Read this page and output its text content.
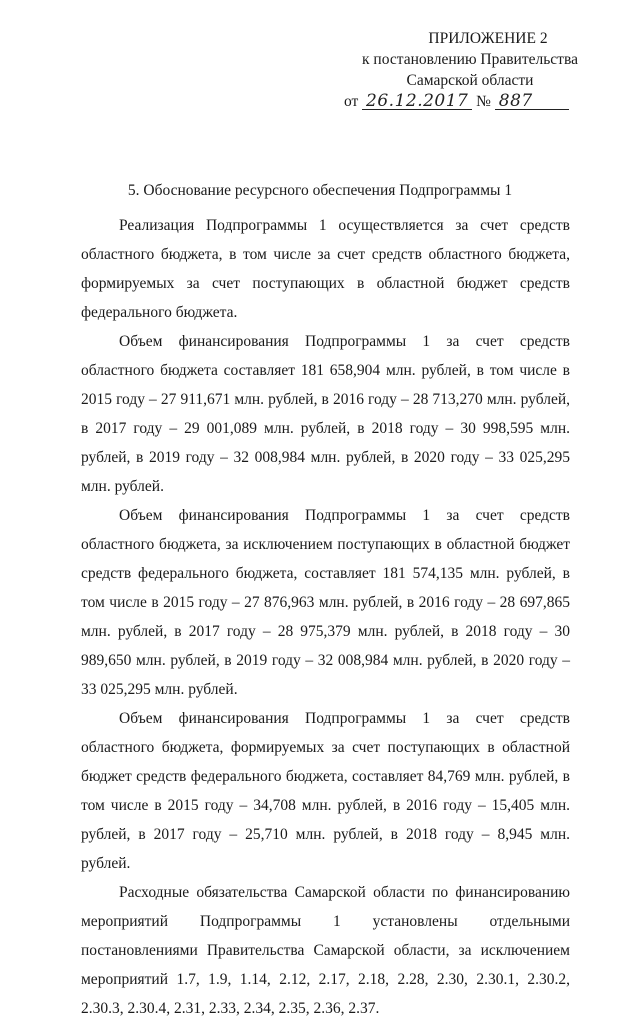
ПРИЛОЖЕНИЕ 2
к постановлению Правительства
Самарской области
от 26.12.2017 № 887
5. Обоснование ресурсного обеспечения Подпрограммы 1

Реализация Подпрограммы 1 осуществляется за счет средств областного бюджета, в том числе за счет средств областного бюджета, формируемых за счет поступающих в областной бюджет средств федерального бюджета.

Объем финансирования Подпрограммы 1 за счет средств областного бюджета составляет 181 658,904 млн. рублей, в том числе в 2015 году – 27 911,671 млн. рублей, в 2016 году – 28 713,270 млн. рублей, в 2017 году – 29 001,089 млн. рублей, в 2018 году – 30 998,595 млн. рублей, в 2019 году – 32 008,984 млн. рублей, в 2020 году – 33 025,295 млн. рублей.

Объем финансирования Подпрограммы 1 за счет средств областного бюджета, за исключением поступающих в областной бюджет средств федерального бюджета, составляет 181 574,135 млн. рублей, в том числе в 2015 году – 27 876,963 млн. рублей, в 2016 году – 28 697,865 млн. рублей, в 2017 году – 28 975,379 млн. рублей, в 2018 году – 30 989,650 млн. рублей, в 2019 году – 32 008,984 млн. рублей, в 2020 году – 33 025,295 млн. рублей.

Объем финансирования Подпрограммы 1 за счет средств областного бюджета, формируемых за счет поступающих в областной бюджет средств федерального бюджета, составляет 84,769 млн. рублей, в том числе в 2015 году – 34,708 млн. рублей, в 2016 году – 15,405 млн. рублей, в 2017 году – 25,710 млн. рублей, в 2018 году – 8,945 млн. рублей.

Расходные обязательства Самарской области по финансированию мероприятий Подпрограммы 1 установлены отдельными постановлениями Правительства Самарской области, за исключением мероприятий 1.7, 1.9, 1.14, 2.12, 2.17, 2.18, 2.28, 2.30, 2.30.1, 2.30.2, 2.30.3, 2.30.4, 2.31, 2.33, 2.34, 2.35, 2.36, 2.37.
